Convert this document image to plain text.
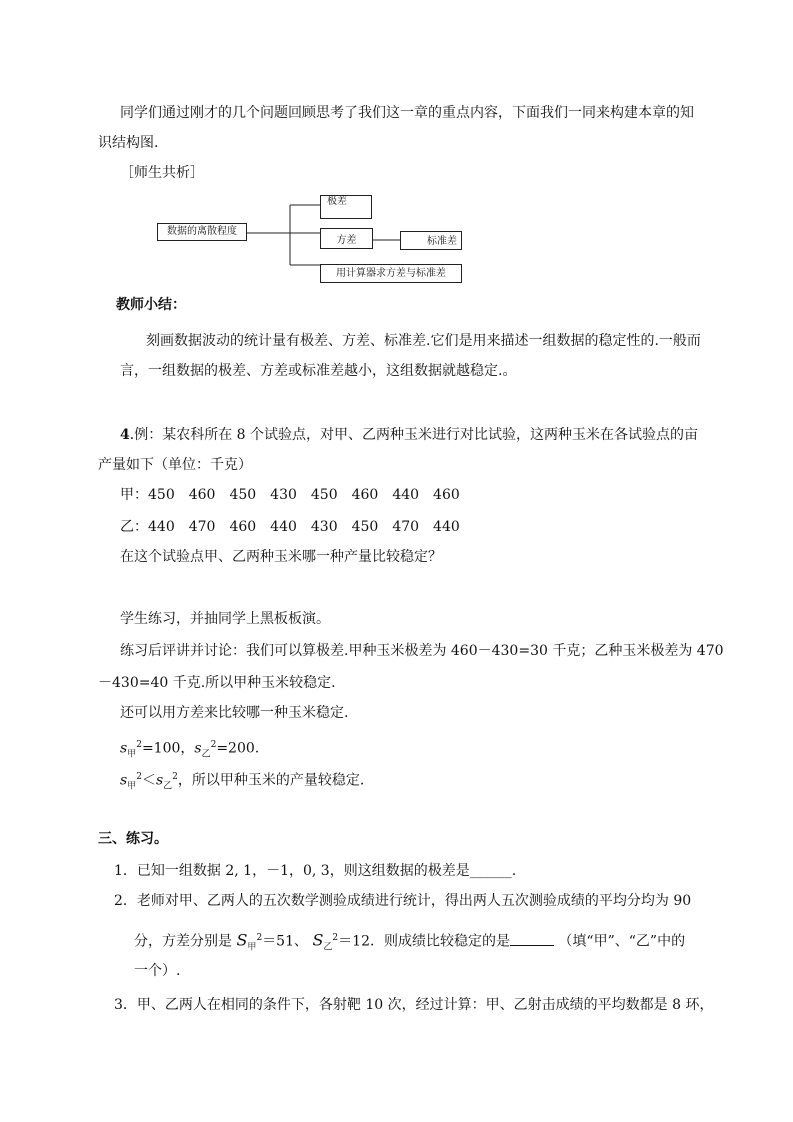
同学们通过刚才的几个问题回顾思考了我们这一章的重点内容，下面我们一同来构建本章的知
识结构图.
［师生共析］
数据的离散程度
极差
方差	标准差
用计算器求方差与标准差
教师小结：
刻画数据波动的统计量有极差、方差、标准差.它们是用来描述一组数据的稳定性的.一般而
言，一组数据的极差、方差或标准差越小，这组数据就越稳定.。
4.例：某农科所在 8 个试验点，对甲、乙两种玉米进行对比试验，这两种玉米在各试验点的亩
产量如下（单位：千克）
甲：450　460　450　430　450　460　440　460
乙：440　470　460　440　430　450　470　440
在这个试验点甲、乙两种玉米哪一种产量比较稳定？
学生练习，并抽同学上黑板板演。
练习后评讲并讨论：我们可以算极差.甲种玉米极差为 460－430=30 千克；乙种玉米极差为 470
－430=40 千克.所以甲种玉米较稳定.
还可以用方差来比较哪一种玉米稳定.
$s_甲^2=100$，$s_乙^2=200$.
$s_甲^2<s_乙^2$，所以甲种玉米的产量较稳定.
三、练习。
1．已知一组数据 2, 1，－1，0, 3，则这组数据的极差是______.
2．老师对甲、乙两人的五次数学测验成绩进行统计，得出两人五次测验成绩的平均分均为 90
分，方差分别是 $S_甲^2=51$、 $S_乙^2=12$．则成绩比较稳定的是	（填“甲”、“乙”中的
一个）.
3．甲、乙两人在相同的条件下，各射靶 10 次，经过计算：甲、乙射击成绩的平均数都是 8 环，
